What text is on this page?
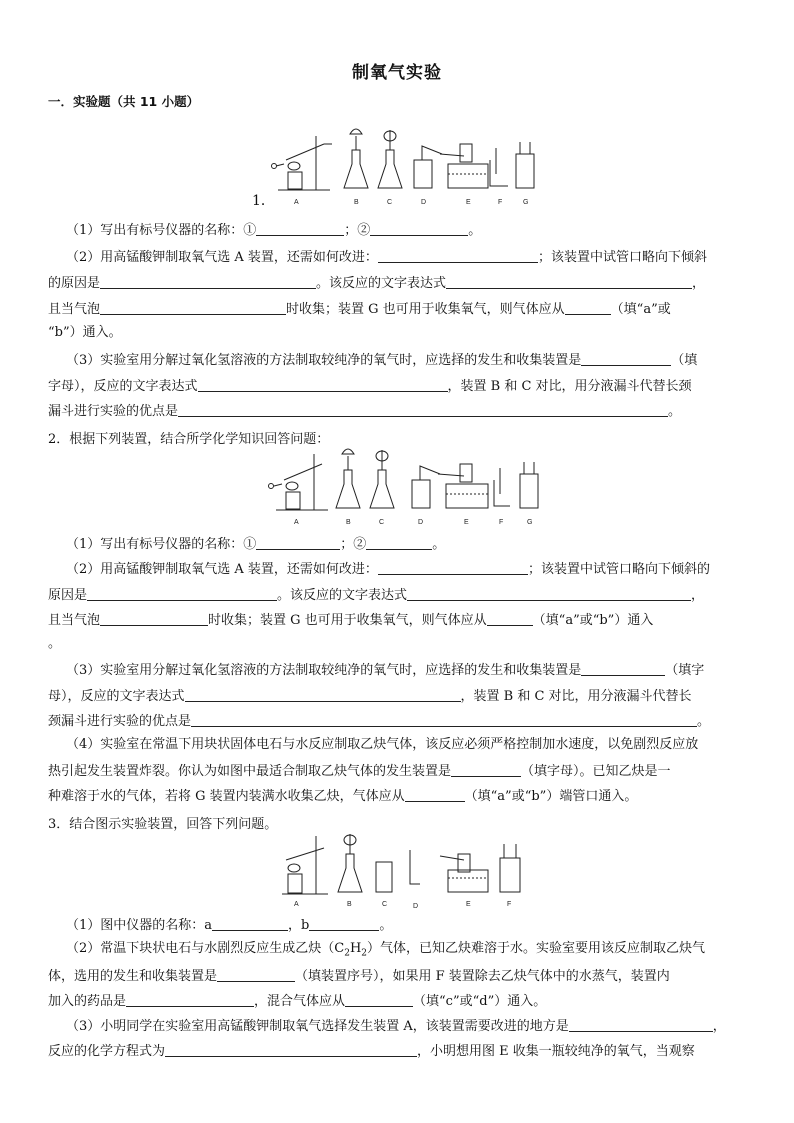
制氧气实验
一．实验题（共 11 小题）
1．	A	B	C	D	E	F	G
（1）写出有标号仪器的名称：①	；②	。
（2）用高锰酸钾制取氧气选 A 装置，还需如何改进：	；该装置中试管口略向下倾斜
的原因是	。该反应的文字表达式	，
且当气泡	时收集；装置 G 也可用于收集氧气，则气体应从	（填“a”或
“b”）通入。
（3）实验室用分解过氧化氢溶液的方法制取较纯净的氧气时，应选择的发生和收集装置是	（填
字母），反应的文字表达式	，装置 B 和 C 对比，用分液漏斗代替长颈
漏斗进行实验的优点是	。
2．根据下列装置，结合所学化学知识回答问题：
A	B	C	D	E	F	G
（1）写出有标号仪器的名称：①	；②	。
（2）用高锰酸钾制取氧气选 A 装置，还需如何改进：	；该装置中试管口略向下倾斜的
原因是	。该反应的文字表达式	，
且当气泡	时收集；装置 G 也可用于收集氧气，则气体应从	（填“a”或“b”）通入
。
（3）实验室用分解过氧化氢溶液的方法制取较纯净的氧气时，应选择的发生和收集装置是	（填字
母），反应的文字表达式	，装置 B 和 C 对比，用分液漏斗代替长
颈漏斗进行实验的优点是	。
（4）实验室在常温下用块状固体电石与水反应制取乙炔气体，该反应必须严格控制加水速度，以免剧烈反应放
热引起发生装置炸裂。你认为如图中最适合制取乙炔气体的发生装置是	（填字母）。已知乙炔是一
种难溶于水的气体，若将 G 装置内装满水收集乙炔，气体应从	（填“a”或“b”）端管口通入。
3．结合图示实验装置，回答下列问题。
A	B	C	D	E	F
（1）图中仪器的名称：a	，b	。
（2）常温下块状电石与水剧烈反应生成乙炔$(C_2H_2)$气体，已知乙炔难溶于水。实验室要用该反应制取乙炔气
体，选用的发生和收集装置是	（填装置序号），如果用 F 装置除去乙炔气体中的水蒸气，装置内
加入的药品是	，混合气体应从	（填“c”或“d”）通入。
（3）小明同学在实验室用高锰酸钾制取氧气选择发生装置 A，该装置需要改进的地方是	，
反应的化学方程式为	，小明想用图 E 收集一瓶较纯净的氧气，当观察
